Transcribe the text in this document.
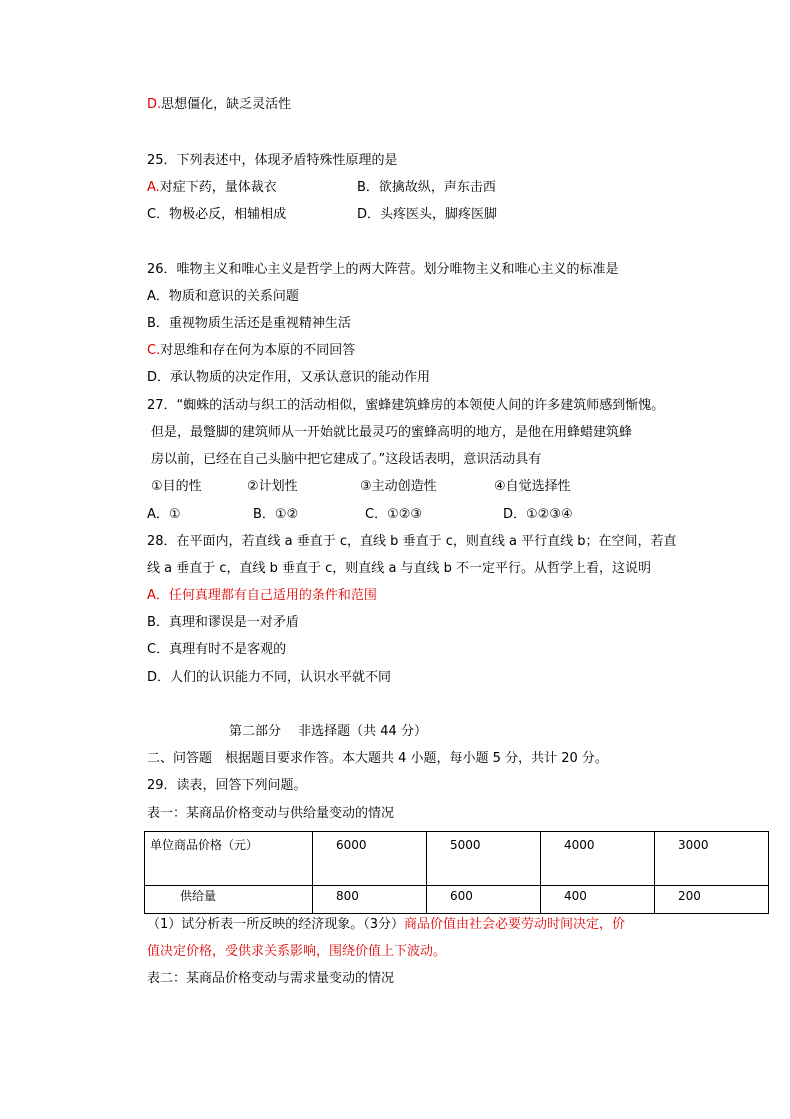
D.思想僵化，缺乏灵活性
25．下列表述中，体现矛盾特殊性原理的是
A.对症下药，量体裁衣	B．欲擒故纵，声东击西
C．物极必反，相辅相成	D．头疼医头，脚疼医脚
26．唯物主义和唯心主义是哲学上的两大阵营。划分唯物主义和唯心主义的标准是
A．物质和意识的关系问题
B．重视物质生活还是重视精神生活
C.对思维和存在何为本原的不同回答
D．承认物质的决定作用，又承认意识的能动作用
27．“蜘蛛的活动与织工的活动相似，蜜蜂建筑蜂房的本领使人间的许多建筑师感到惭愧。
但是，最蹩脚的建筑师从一开始就比最灵巧的蜜蜂高明的地方，是他在用蜂蜡建筑蜂
房以前，已经在自己头脑中把它建成了。”这段话表明，意识活动具有
①目的性	②计划性	③主动创造性	④自觉选择性
A．①	B．①②	C．①②③	D．①②③④
28．在平面内，若直线 a 垂直于 c，直线 b 垂直于 c，则直线 a 平行直线 b；在空间，若直
线 a 垂直于 c，直线 b 垂直于 c，则直线 a 与直线 b 不一定平行。从哲学上看，这说明
A．任何真理都有自己适用的条件和范围
B．真理和谬误是一对矛盾
C．真理有时不是客观的
D．人们的认识能力不同，认识水平就不同
第二部分　 非选择题（共 44 分）
二、问答题　根据题目要求作答。本大题共 4 小题，每小题 5 分，共计 20 分。
29．读表，回答下列问题。
表一：某商品价格变动与供给量变动的情况
单位商品价格（元）	6000	5000	4000	3000
供给量	800	600	400	200
（1）试分析表一所反映的经济现象。（3分）商品价值由社会必要劳动时间决定，价
值决定价格，受供求关系影响，围绕价值上下波动。
表二：某商品价格变动与需求量变动的情况
